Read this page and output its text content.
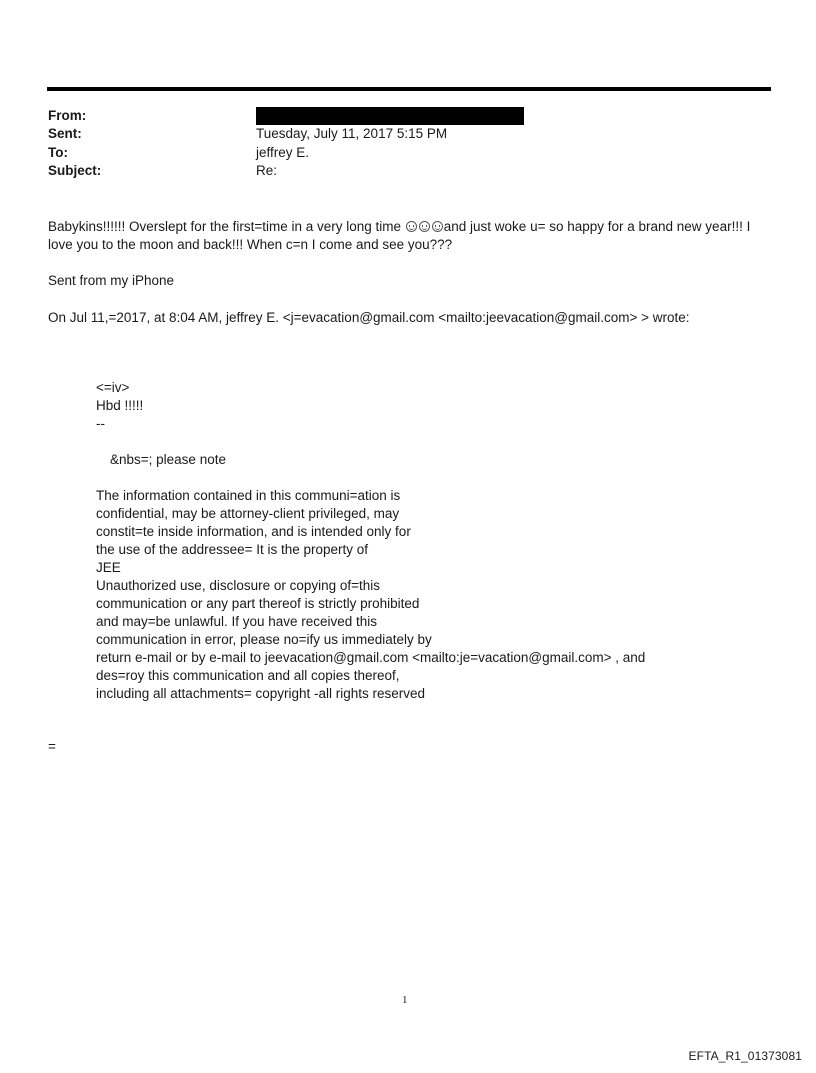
From:
Sent:	Tuesday, July 11, 2017 5:15 PM
To:	jeffrey E.
Subject:	Re:
Babykins!!!!!! Overslept for the first=time in a very long time	and just woke u= so happy for a brand new year!!! I
love you to the moon and back!!! When c=n I come and see you???
Sent from my iPhone
On Jul 11,=2017, at 8:04 AM, jeffrey E. <j=evacation@gmail.com <mailto:jeevacation@gmail.com> > wrote:
<=iv>
Hbd !!!!!
--
&nbs=; please note
The information contained in this communi=ation is
confidential, may be attorney-client privileged, may
constit=te inside information, and is intended only for
the use of the addressee= It is the property of
JEE
Unauthorized use, disclosure or copying of=this
communication or any part thereof is strictly prohibited
and may=be unlawful. If you have received this
communication in error, please no=ify us immediately by
return e-mail or by e-mail to jeevacation@gmail.com <mailto:je=vacation@gmail.com> , and
des=roy this communication and all copies thereof,
including all attachments= copyright -all rights reserved
=
1
EFTA_R1_01373081
